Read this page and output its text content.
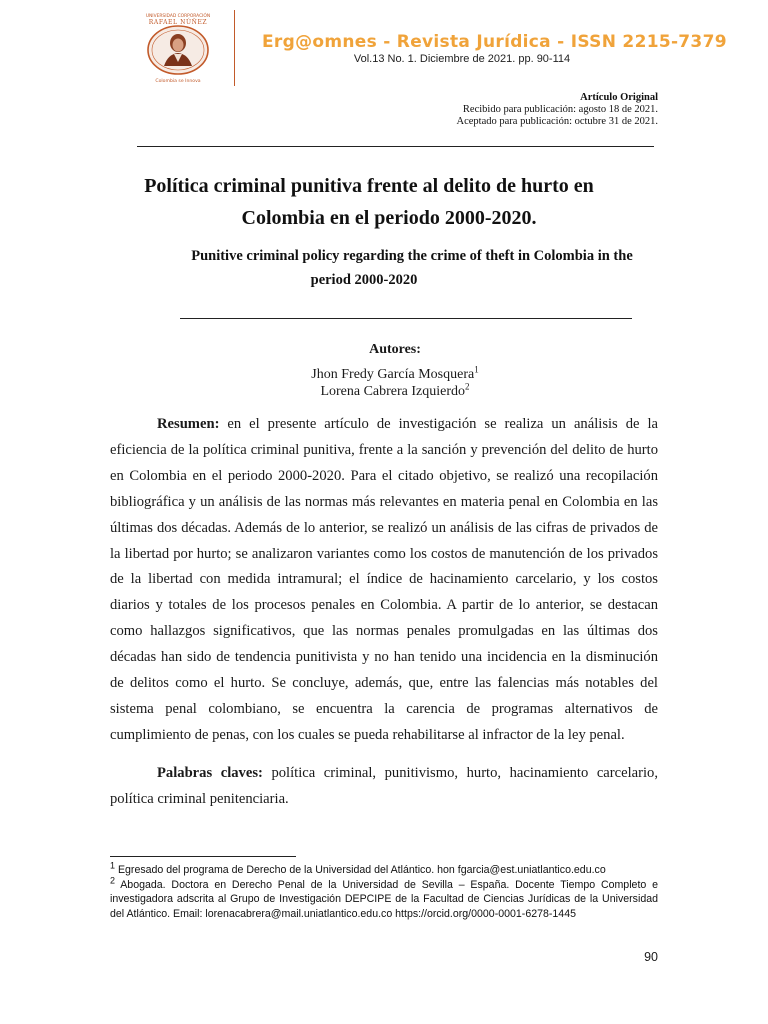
UNIVERSIDAD CORPORACIÓN
RAFAEL NÚÑEZ
Colombia se Innova
Erg@omnes - Revista Jurídica - ISSN 2215-7379
Vol.13 No. 1. Diciembre de 2021. pp. 90-114
Artículo Original
Recibido para publicación: agosto 18 de 2021.
Aceptado para publicación: octubre 31 de 2021.
Política criminal punitiva frente al delito de hurto en
Colombia en el periodo 2000-2020.
Punitive criminal policy regarding the crime of theft in Colombia in the
period 2000-2020
Autores:
Jhon Fredy García Mosquera$^1$
Lorena Cabrera Izquierdo$^2$

Resumen: en el presente artículo de investigación se realiza un análisis de la eficiencia de la política criminal punitiva, frente a la sanción y prevención del delito de hurto en Colombia en el periodo 2000-2020. Para el citado objetivo, se realizó una recopilación bibliográfica y un análisis de las normas más relevantes en materia penal en Colombia en las últimas dos décadas. Además de lo anterior, se realizó un análisis de las cifras de privados de la libertad por hurto; se analizaron variantes como los costos de manutención de los privados de la libertad con medida intramural; el índice de hacinamiento carcelario, y los costos diarios y totales de los procesos penales en Colombia. A partir de lo anterior, se destacan como hallazgos significativos, que las normas penales promulgadas en las últimas dos décadas han sido de tendencia punitivista y no han tenido una incidencia en la disminución de delitos como el hurto. Se concluye, además, que, entre las falencias más notables del sistema penal colombiano, se encuentra la carencia de programas alternativos de cumplimiento de penas, con los cuales se pueda rehabilitarse al infractor de la ley penal.

Palabras claves: política criminal, punitivismo, hurto, hacinamiento carcelario, política criminal penitenciaria.

$^1$ Egresado del programa de Derecho de la Universidad del Atlántico. hon fgarcia@est.uniatlantico.edu.co

$^2$ Abogada. Doctora en Derecho Penal de la Universidad de Sevilla – España. Docente Tiempo Completo e investigadora adscrita al Grupo de Investigación DEPCIPE de la Facultad de Ciencias Jurídicas de la Universidad del Atlántico. Email: lorenacabrera@mail.uniatlantico.edu.co https://orcid.org/0000-0001-6278-1445

90
